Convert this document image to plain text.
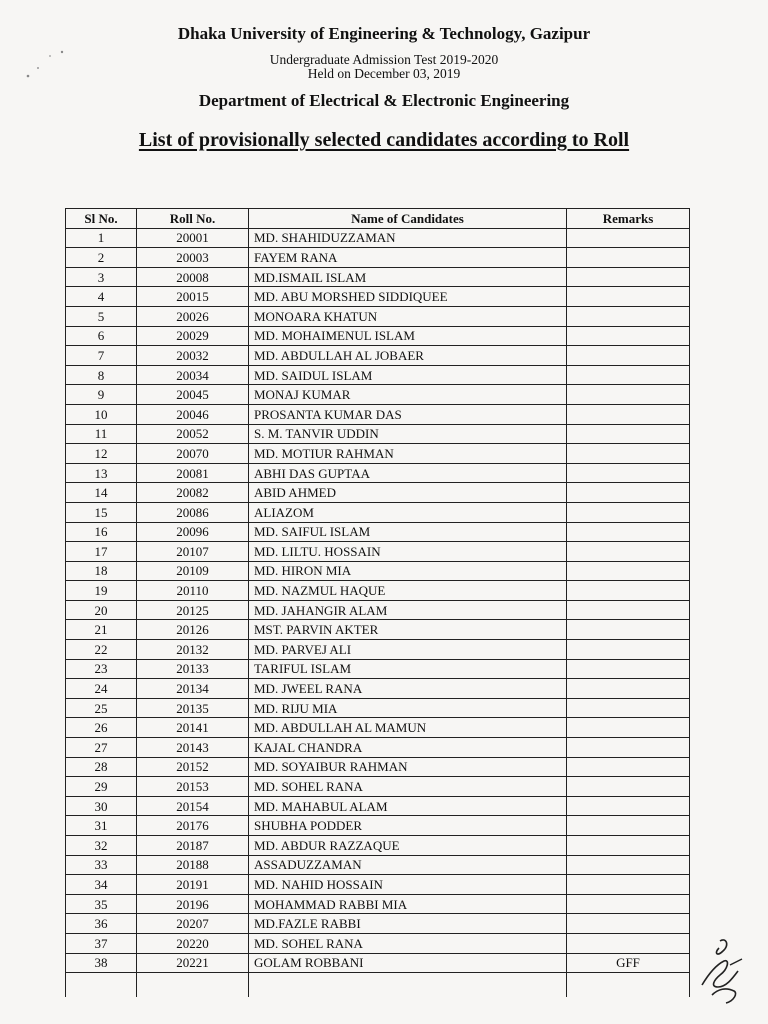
Dhaka University of Engineering & Technology, Gazipur
Undergraduate Admission Test 2019-2020
Held on December 03, 2019
Department of Electrical & Electronic Engineering
List of provisionally selected candidates according to Roll
Sl No.	Roll No.	Name of Candidates	Remarks
1	20001	MD. SHAHIDUZZAMAN	
2	20003	FAYEM RANA	
3	20008	MD.ISMAIL ISLAM	
4	20015	MD. ABU MORSHED SIDDIQUEE	
5	20026	MONOARA KHATUN	
6	20029	MD. MOHAIMENUL ISLAM	
7	20032	MD. ABDULLAH AL JOBAER	
8	20034	MD. SAIDUL ISLAM	
9	20045	MONAJ KUMAR	
10	20046	PROSANTA KUMAR DAS	
11	20052	S. M. TANVIR UDDIN	
12	20070	MD. MOTIUR RAHMAN	
13	20081	ABHI DAS GUPTAA	
14	20082	ABID AHMED	
15	20086	ALIAZOM	
16	20096	MD. SAIFUL ISLAM	
17	20107	MD. LILTU. HOSSAIN	
18	20109	MD. HIRON MIA	
19	20110	MD. NAZMUL HAQUE	
20	20125	MD. JAHANGIR ALAM	
21	20126	MST. PARVIN AKTER	
22	20132	MD. PARVEJ ALI	
23	20133	TARIFUL ISLAM	
24	20134	MD. JWEEL RANA	
25	20135	MD. RIJU MIA	
26	20141	MD. ABDULLAH AL MAMUN	
27	20143	KAJAL CHANDRA	
28	20152	MD. SOYAIBUR RAHMAN	
29	20153	MD. SOHEL RANA	
30	20154	MD. MAHABUL ALAM	
31	20176	SHUBHA PODDER	
32	20187	MD. ABDUR RAZZAQUE	
33	20188	ASSADUZZAMAN	
34	20191	MD. NAHID HOSSAIN	
35	20196	MOHAMMAD RABBI MIA	
36	20207	MD.FAZLE RABBI	
37	20220	MD. SOHEL RANA	
38	20221	GOLAM ROBBANI	GFF
